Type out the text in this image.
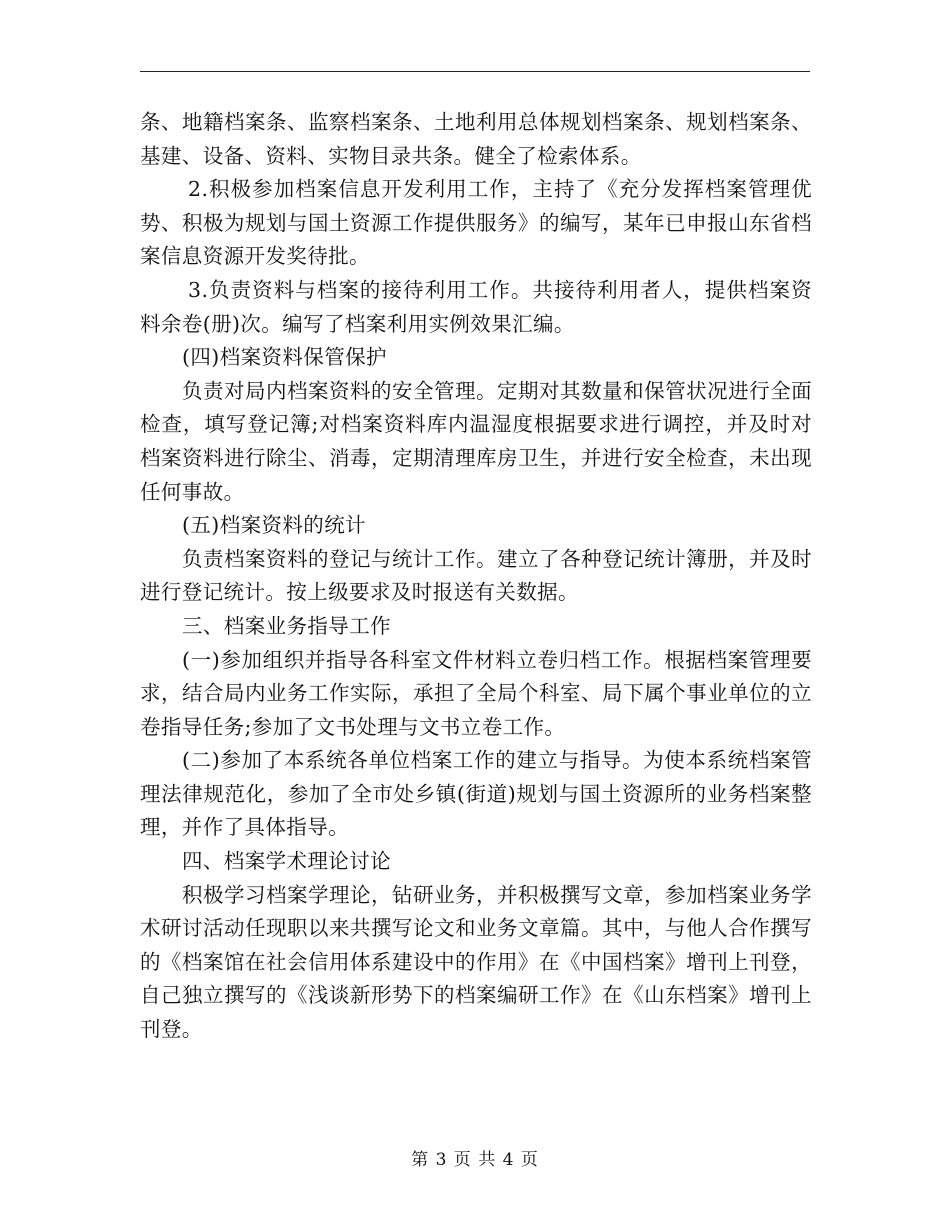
条、地籍档案条、监察档案条、土地利用总体规划档案条、规划档案条、基建、设备、资料、实物目录共条。健全了检索体系。

2.积极参加档案信息开发利用工作，主持了《充分发挥档案管理优势、积极为规划与国土资源工作提供服务》的编写，某年已申报山东省档案信息资源开发奖待批。

3.负责资料与档案的接待利用工作。共接待利用者人，提供档案资料余卷(册)次。编写了档案利用实例效果汇编。

(四)档案资料保管保护

负责对局内档案资料的安全管理。定期对其数量和保管状况进行全面检查，填写登记簿;对档案资料库内温湿度根据要求进行调控，并及时对档案资料进行除尘、消毒，定期清理库房卫生，并进行安全检查，未出现任何事故。

(五)档案资料的统计

负责档案资料的登记与统计工作。建立了各种登记统计簿册，并及时进行登记统计。按上级要求及时报送有关数据。

三、档案业务指导工作

(一)参加组织并指导各科室文件材料立卷归档工作。根据档案管理要求，结合局内业务工作实际，承担了全局个科室、局下属个事业单位的立卷指导任务;参加了文书处理与文书立卷工作。

(二)参加了本系统各单位档案工作的建立与指导。为使本系统档案管理法律规范化，参加了全市处乡镇(街道)规划与国土资源所的业务档案整理，并作了具体指导。

四、档案学术理论讨论

积极学习档案学理论，钻研业务，并积极撰写文章，参加档案业务学术研讨活动任现职以来共撰写论文和业务文章篇。其中，与他人合作撰写的《档案馆在社会信用体系建设中的作用》在《中国档案》增刊上刊登，自己独立撰写的《浅谈新形势下的档案编研工作》在《山东档案》增刊上刊登。

第 3 页 共 4 页
